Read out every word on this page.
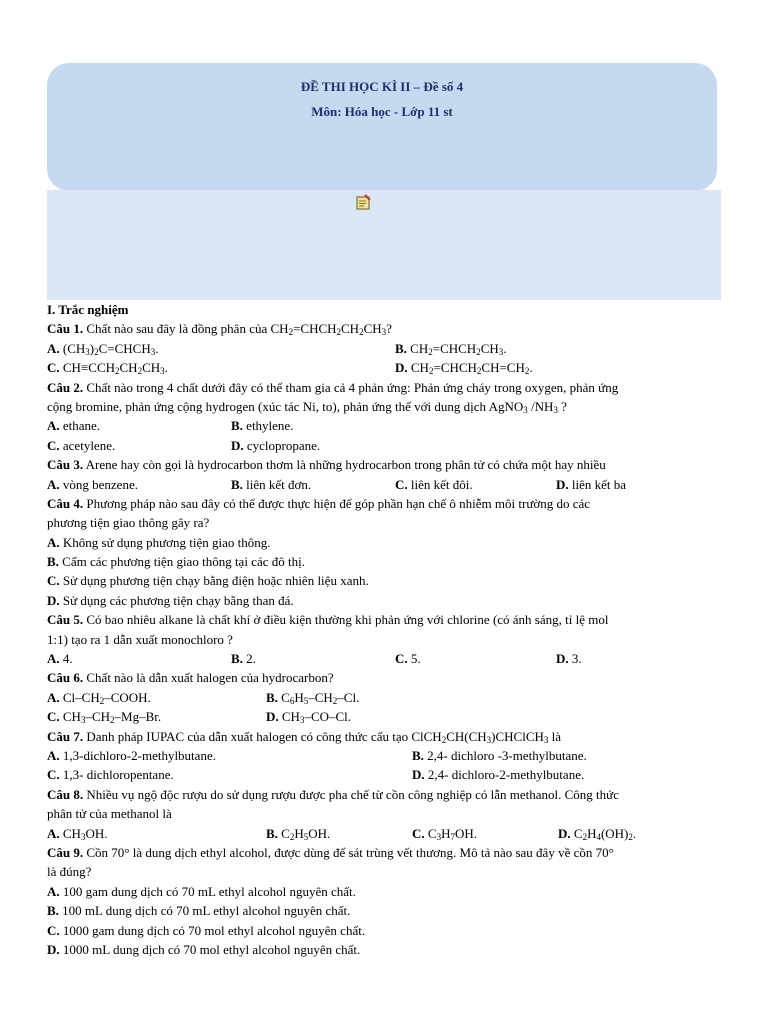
ĐỀ THI HỌC KÌ II – Đề số 4
Môn: Hóa học - Lớp 11 st
I. Trắc nghiệm
Câu 1. Chất nào sau đây là đồng phân của $CH_2=CHCH_2CH_2CH_3$?
A. $(CH_3)_2C=CHCH_3$.	B. $CH_2=CHCH_2CH_3$.
C. $CH\equiv CCH_2CH_2CH_3$.	D. $CH_2=CHCH_2CH=CH_2$.
Câu 2. Chất nào trong 4 chất dưới đây có thể tham gia cả 4 phản ứng: Phản ứng cháy trong oxygen, phản ứng
cộng bromine, phản ứng cộng hydrogen (xúc tác Ni, to), phản ứng thế với dung dịch AgNO$_3$ $/NH_3$ ?
A. ethane.	B. ethylene.
C. acetylene.	D. cyclopropane.
Câu 3. Arene hay còn gọi là hydrocarbon thơm là những hydrocarbon trong phân tử có chứa một hay nhiều
A. vòng benzene.	B. liên kết đơn.	C. liên kết đôi.	D. liên kết ba
Câu 4. Phương pháp nào sau đây có thể được thực hiện để góp phần hạn chế ô nhiễm môi trường do các
phương tiện giao thông gây ra?
A. Không sử dụng phương tiện giao thông.
B. Cấm các phương tiện giao thông tại các đô thị.
C. Sử dụng phương tiện chạy bằng điện hoặc nhiên liệu xanh.
D. Sử dụng các phương tiện chạy bằng than đá.
Câu 5. Có bao nhiêu alkane là chất khí ở điều kiện thường khi phản ứng với chlorine (có ánh sáng, tỉ lệ mol
1:1) tạo ra 1 dẫn xuất monochloro ?
A. 4.	B. 2.	C. 5.	D. 3.
Câu 6. Chất nào là dẫn xuất halogen của hydrocarbon?
A. $Cl-CH_2$–COOH.	B. $C_6H_5-CH_2-Cl$.
C. $CH_3-CH_2-Mg-Br$.	D. $CH_3-CO-Cl$.
Câu 7. Danh pháp IUPAC của dẫn xuất halogen có công thức cấu tạo $ClCH_2CH(CH_3)CHClCH_3$ là
A. 1,3-dichloro-2-methylbutane.	B. 2,4- dichloro -3-methylbutane.
C. 1,3- dichloropentane.	D. 2,4- dichloro-2-methylbutane.
Câu 8. Nhiều vụ ngộ độc rượu do sử dụng rượu được pha chế từ cồn công nghiệp có lẫn methanol. Công thức
phân tử của methanol là
A. $CH_3OH$.	B. $C_2H_5OH$.	C. $C_3H_7OH$.	D. $C_2H_4(OH)_2$.
Câu 9. Cồn 70° là dung dịch ethyl alcohol, được dùng để sát trùng vết thương. Mô tả nào sau đây về cồn 70°
là đúng?
A. 100 gam dung dịch có 70 mL ethyl alcohol nguyên chất.
B. 100 mL dung dịch có 70 mL ethyl alcohol nguyên chất.
C. 1000 gam dung dịch có 70 mol ethyl alcohol nguyên chất.
D. 1000 mL dung dịch có 70 mol ethyl alcohol nguyên chất.
